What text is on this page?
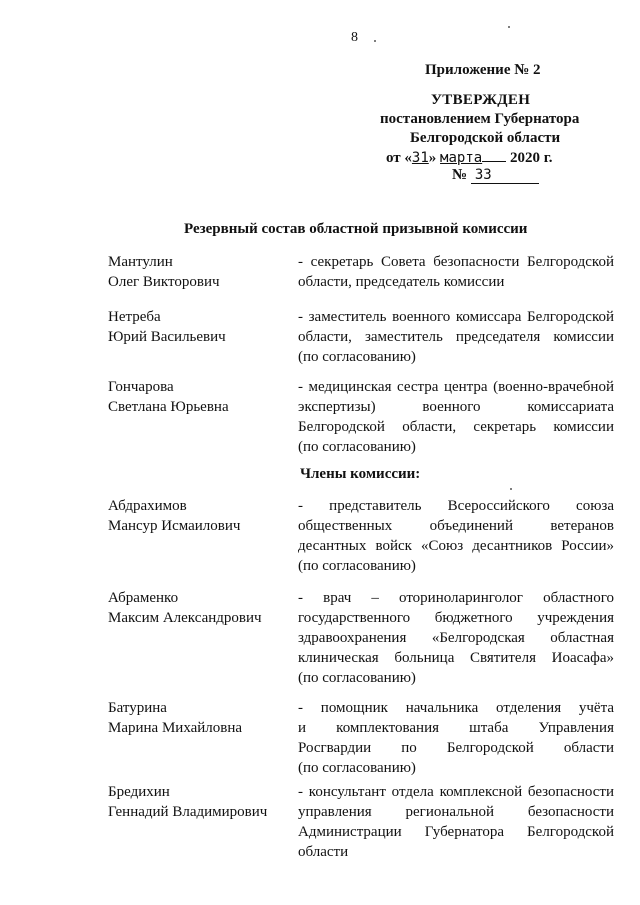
8
Приложение № 2
УТВЕРЖДЕН
постановлением Губернатора
Белгородской области
от «31» марта 2020 г.
№ 33
Резервный состав областной призывной комиссии
Мантулин
Олег Викторович
- секретарь Совета безопасности Белгородской
области, председатель комиссии
Нетреба
Юрий Васильевич
- заместитель военного комиссара Белгородской
области, заместитель председателя комиссии
(по согласованию)
Гончарова
Светлана Юрьевна
- медицинская сестра центра (военно-врачебной
экспертизы) военного комиссариата
Белгородской области, секретарь комиссии
(по согласованию)
Абдрахимов
Мансур Исмаилович
- представитель Всероссийского союза
общественных объединений ветеранов
десантных войск «Союз десантников России»
(по согласованию)
Абраменко
Максим Александрович
- врач – оториноларинголог областного
государственного бюджетного учреждения
здравоохранения «Белгородская областная
клиническая больница Святителя Иоасафа»
(по согласованию)
Батурина
Марина Михайловна
- помощник начальника отделения учёта
и комплектования штаба Управления
Росгвардии по Белгородской области
(по согласованию)
Бредихин
Геннадий Владимирович
- консультант отдела комплексной безопасности
управления региональной безопасности
Администрации Губернатора Белгородской
области
Члены комиссии:
